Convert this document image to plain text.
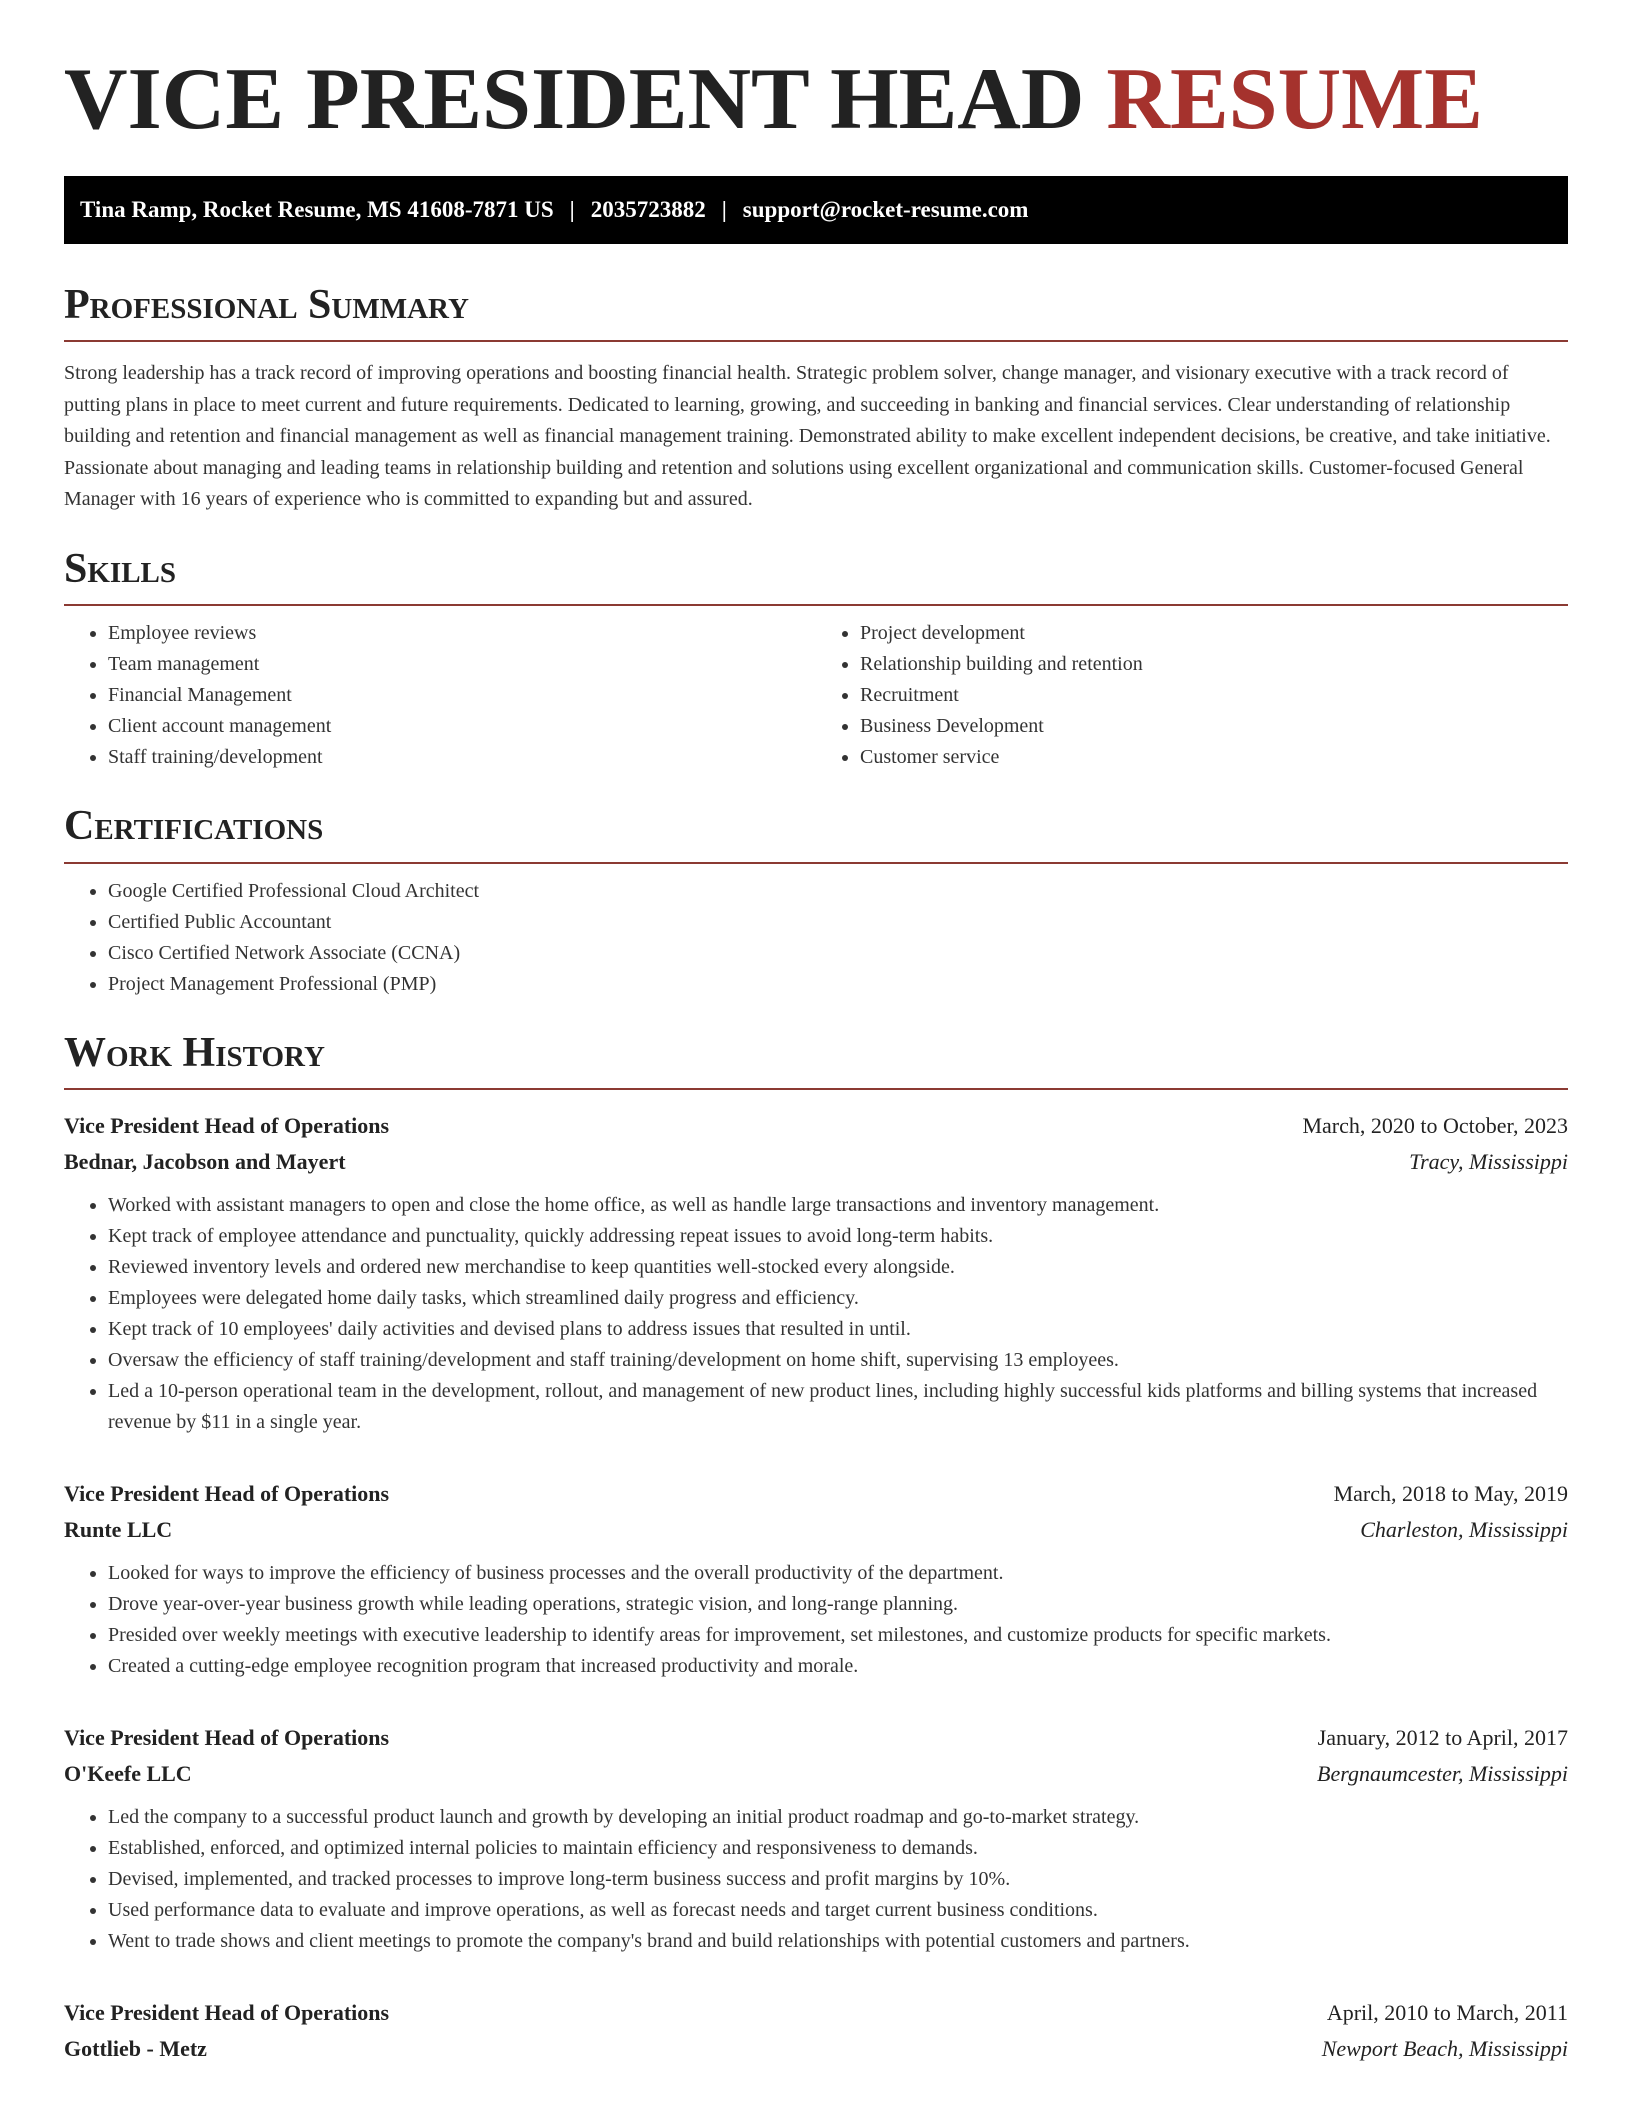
VICE PRESIDENT HEAD RESUME
Tina Ramp, Rocket Resume, MS 41608-7871 US | 2035723882 | support@rocket-resume.com
Professional Summary

Strong leadership has a track record of improving operations and boosting financial health. Strategic problem solver, change manager, and visionary executive with a track record of putting plans in place to meet current and future requirements. Dedicated to learning, growing, and succeeding in banking and financial services. Clear understanding of relationship building and retention and financial management as well as financial management training. Demonstrated ability to make excellent independent decisions, be creative, and take initiative. Passionate about managing and leading teams in relationship building and retention and solutions using excellent organizational and communication skills. Customer-focused General Manager with 16 years of experience who is committed to expanding but and assured.

Skills
• Employee reviews
• Team management
• Financial Management
• Client account management
• Staff training/development
• Project development
• Relationship building and retention
• Recruitment
• Business Development
• Customer service
Certifications
• Google Certified Professional Cloud Architect
• Certified Public Accountant
• Cisco Certified Network Associate (CCNA)
• Project Management Professional (PMP)
Work History
Vice President Head of Operations	March, 2020 to October, 2023
Bednar, Jacobson and Mayert	Tracy, Mississippi
• Worked with assistant managers to open and close the home office, as well as handle large transactions and inventory management.
• Kept track of employee attendance and punctuality, quickly addressing repeat issues to avoid long-term habits.
• Reviewed inventory levels and ordered new merchandise to keep quantities well-stocked every alongside.
• Employees were delegated home daily tasks, which streamlined daily progress and efficiency.
• Kept track of 10 employees' daily activities and devised plans to address issues that resulted in until.
• Oversaw the efficiency of staff training/development and staff training/development on home shift, supervising 13 employees.
• Led a 10-person operational team in the development, rollout, and management of new product lines, including highly successful kids platforms and billing systems that increased revenue by $11 in a single year.
Vice President Head of Operations	March, 2018 to May, 2019
Runte LLC	Charleston, Mississippi
• Looked for ways to improve the efficiency of business processes and the overall productivity of the department.
• Drove year-over-year business growth while leading operations, strategic vision, and long-range planning.
• Presided over weekly meetings with executive leadership to identify areas for improvement, set milestones, and customize products for specific markets.
• Created a cutting-edge employee recognition program that increased productivity and morale.
Vice President Head of Operations	January, 2012 to April, 2017
O'Keefe LLC	Bergnaumcester, Mississippi
• Led the company to a successful product launch and growth by developing an initial product roadmap and go-to-market strategy.
• Established, enforced, and optimized internal policies to maintain efficiency and responsiveness to demands.
• Devised, implemented, and tracked processes to improve long-term business success and profit margins by 10%.
• Used performance data to evaluate and improve operations, as well as forecast needs and target current business conditions.
• Went to trade shows and client meetings to promote the company's brand and build relationships with potential customers and partners.
Vice President Head of Operations	April, 2010 to March, 2011
Gottlieb - Metz	Newport Beach, Mississippi
